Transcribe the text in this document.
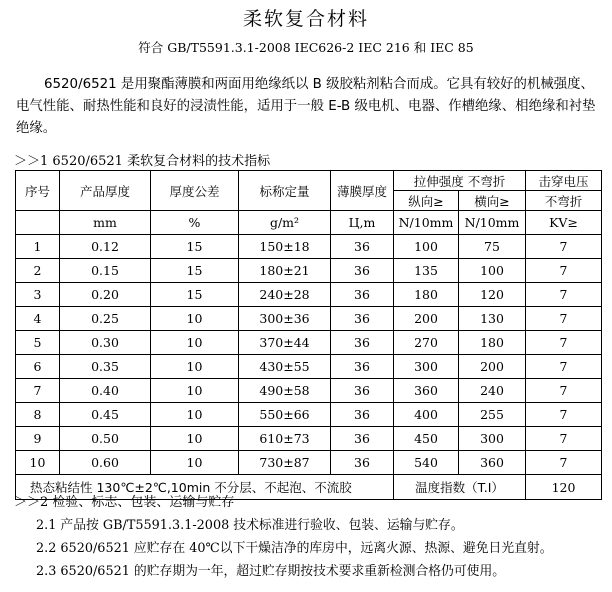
柔软复合材料
符合 GB/T5591.3.1-2008 IEC626-2 IEC 216 和 IEC 85
6520/6521 是用聚酯薄膜和两面用绝缘纸以 B 级胶粘剂粘合而成。它具有较好的机械强度、电气性能、耐热性能和良好的浸渍性能，适用于一般 E-B 级电机、电器、作槽绝缘、相绝缘和衬垫绝缘。
＞＞1 6520/6521 柔软复合材料的技术指标
序号	产品厚度	厚度公差	标称定量	薄膜厚度	拉伸强度 不弯折		击穿电压
					纵向≥	横向≥	不弯折
	mm	%	g/m²	Ц,m	N/10mm	N/10mm	KV≥
1	0.12	15	150±18	36	100	75	7
2	0.15	15	180±21	36	135	100	7
3	0.20	15	240±28	36	180	120	7
4	0.25	10	300±36	36	200	130	7
5	0.30	10	370±44	36	270	180	7
6	0.35	10	430±55	36	300	200	7
7	0.40	10	490±58	36	360	240	7
8	0.45	10	550±66	36	400	255	7
9	0.50	10	610±73	36	450	300	7
10	0.60	10	730±87	36	540	360	7
热态粘结性 130℃±2℃,10min 不分层、不起泡、不流胶					温度指数（T.I）		120
＞＞2 检验、标志、包装、运输与贮存
2.1 产品按 GB/T5591.3.1-2008 技术标准进行验收、包装、运输与贮存。
2.2 6520/6521 应贮存在 40℃以下干燥洁净的库房中，远离火源、热源、避免日光直射。
2.3 6520/6521 的贮存期为一年，超过贮存期按技术要求重新检测合格仍可使用。
